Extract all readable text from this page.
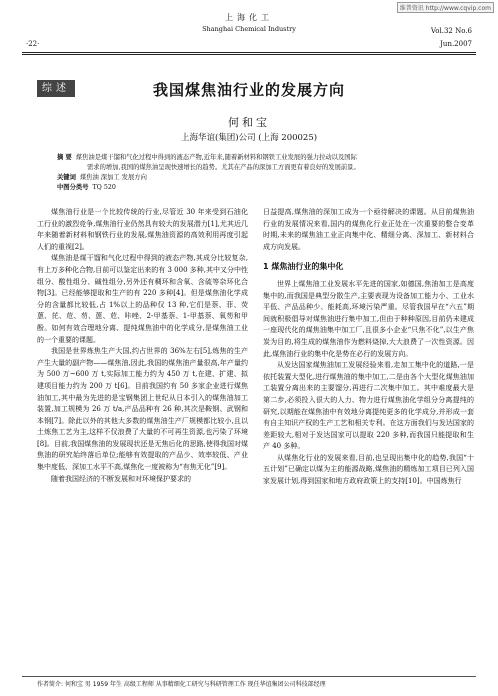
维普资讯 http://www.cqvip.com
上海化工
Shanghai Chemical Industry
·22·
Vol.32 No.6
Jun.2007
综述	我国煤焦油行业的发展方向
何和宝
上海华谊(集团)公司 (上海 200025)
摘 要 煤焦油是煤干馏和气化过程中得到的液态产物,近年来,随着新材料和钢铁工业发展的强力拉动以及国际
需求的增加,我国的煤焦油呈现快速增长的趋势。尤其在产品的深加工方面更有着良好的发展前景。
关键词 煤焦油 深加工 发展方向
中图分类号 TQ 520

煤焦油行业是一个比较传统的行业,尽管近 30 年来受到石油化工行业的激烈竞争,煤焦油行业仍然具有较大的发展潜力[1],尤其近几年来随着新材料和钢铁行业的发展,煤焦油资源的高效利用再度引起人们的重视[2]。

煤焦油是煤干馏和气化过程中得到的液态产物,其成分比较复杂,有上万多种化合物,目前可以鉴定出来的有 3 000 多种,其中又分中性组分、酸性组分、碱性组分,另外还有稠环和含氧、含硫等杂环化合物[3]。已经能够提取和生产的有 220 多种[4]。但是煤焦油化学成分的含量都比较低,占 1%以上的品种仅 13 种,它们是萘、菲、荧蒽、芘、苊、芴、蒽、苊、咔唑、2-甲基萘、1-甲基萘、氧芴和甲酚。如何有效合理地分离、提纯煤焦油中的化学成分,是煤焦油工业的一个重要的课题。

我国是世界炼焦生产大国,约占世界的 36%左右[5],炼焦的生产产生大量的副产物——煤焦油,因此,我国的煤焦油产量很高,年产量约为 500 万~600 万 t,实际加工能力约为 450 万 t,在建、扩建、拟建项目能力约为 200 万 t[6]。目前我国约有 50 多家企业进行煤焦油加工,其中最为先进的是宝钢集团上世纪从日本引入的煤焦油加工装置,加工规模为 26 万 t/a,产品品种有 26 种,其次是鞍钢、武钢和本钢[7]。除此以外的其他大多数的煤焦油生产厂规模都比较小,且以土炼焦工艺为主,这样不仅浪费了大量的不可再生资源,也污染了环境[8]。目前,我国煤焦油的发展现状还是无焦后化的思路,使得我国对煤焦油的研究始终落后单位;能够有效提取的产品少、效率较低、产业集中度低、深加工水平不高,煤焦化一度被称为“有焦无化”[9]。

随着我国经济的不断发展和对环境保护要求的

日益提高,煤焦油的深加工成为一个亟待解决的课题。从目前煤焦油行业的发展情况来看,国内的煤焦化行业正处在一次重要的整合变革时期,未来的煤焦油工业正向集中化、精细分离、深加工、新材料合成方向发展。

1 煤焦油行业的集中化

世界上煤焦油工业发展水平先进的国家,如德国,焦油加工是高度集中的,而我国是典型分散生产,主要表现为设备加工能力小、工业水平低、产品品种少、能耗高,环境污染严重。尽管我国早在“六五”期间就积极倡导对煤焦油进行集中加工,但由于种种原因,目前仍未建成一座现代化的煤焦油集中加工厂,且很多小企业“只焦不化”,以生产焦炭为目的,将生成的煤焦油作为燃料烧掉,大大浪费了一次性资源。因此,煤焦油行业的集中化是势在必行的发展方向。

从发达国家煤焦油加工发展经验来看,走加工集中化的道路,一是依托装置大型化,进行煤焦油的集中加工,二是由各个大型化煤焦油加工装置分离出来的主要馏分,再进行二次集中加工。其中难度最大是第二步,必须投入很大的人力、物力进行煤焦油化学组分分离提纯的研究,以期能在煤焦油中有效地分离提纯更多的化学成分,并形成一套有自主知识产权的生产工艺和相关专利。在这方面我们与发达国家的差距较大,相对于发达国家可以提取 220 多种,而我国只能提取和生产 40 多种。

从煤焦化行业的发展来看,目前,也呈现出集中化的趋势,我国“十五计划”已确定以煤为主的能源战略,煤焦油的精炼加工项目已列入国家发展计划,得到国家和地方政府政策上的支持[10]。中国炼焦行

作者简介: 何和宝 男 1959 年生 高级工程师 从事精细化工研究与科研管理工作 现任华谊集团公司科技部经理
